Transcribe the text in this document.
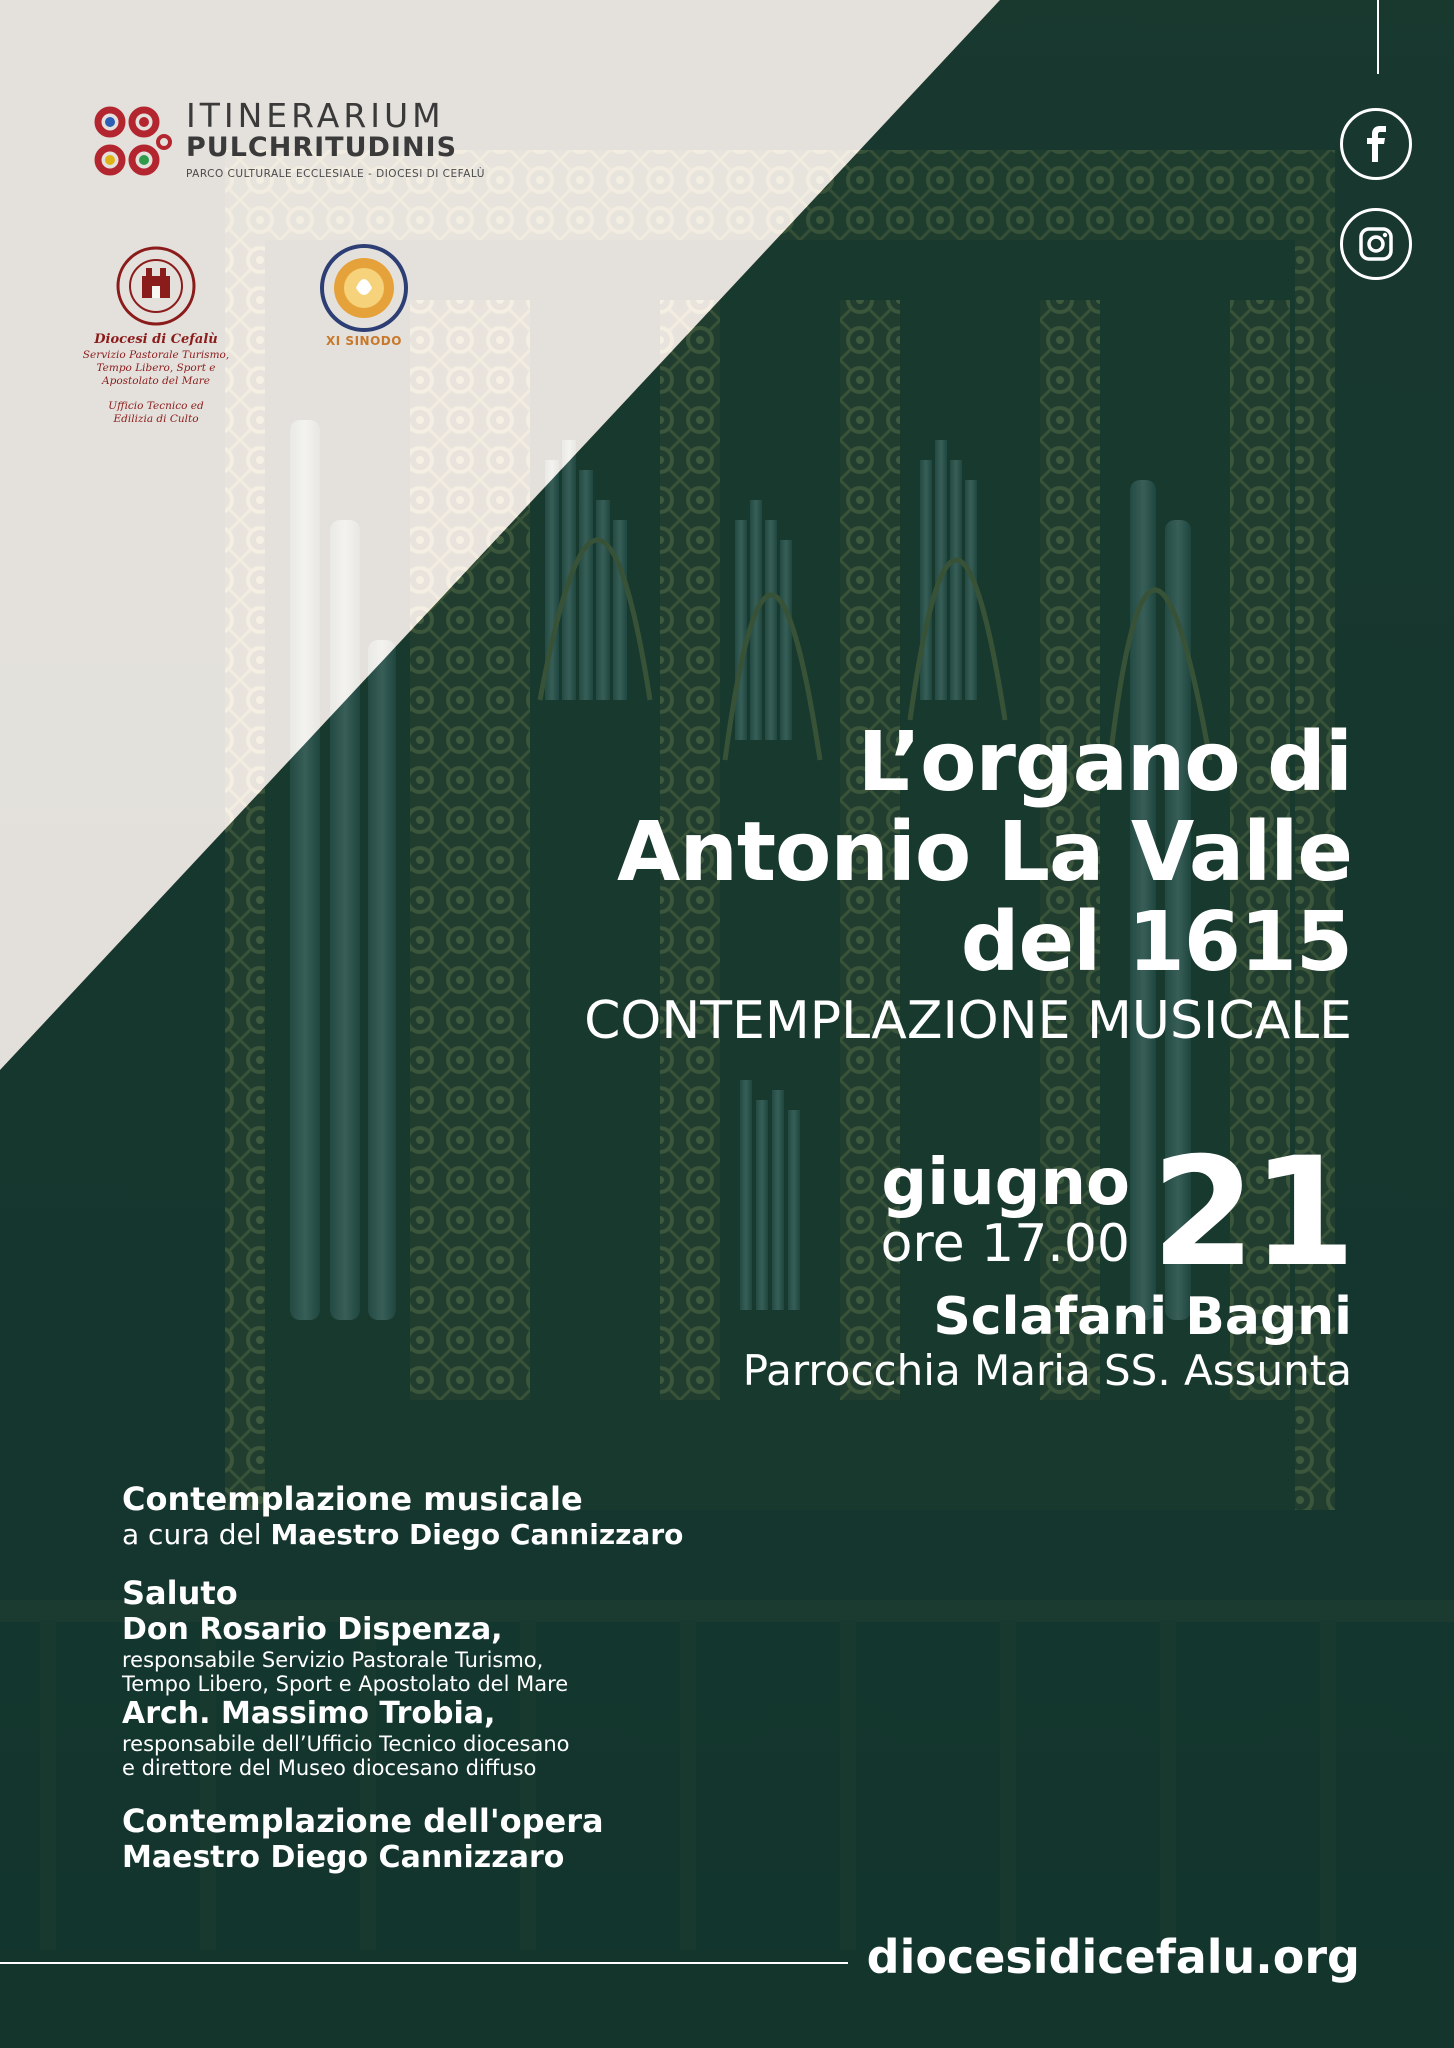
ITINERARIUM
PULCHRITUDINIS
PARCO CULTURALE ECCLESIALE - DIOCESI DI CEFALÙ
Diocesi di Cefalù
Servizio Pastorale Turismo,
Tempo Libero, Sport e
Apostolato del Mare
Ufficio Tecnico ed
Edilizia di Culto
XI SINODO
L’organo di
Antonio La Valle
del 1615
CONTEMPLAZIONE MUSICALE
giugno
ore 17.00 21
Sclafani Bagni
Parrocchia Maria SS. Assunta
Contemplazione musicale
a cura del Maestro Diego Cannizzaro
Saluto
Don Rosario Dispenza,
responsabile Servizio Pastorale Turismo,
Tempo Libero, Sport e Apostolato del Mare
Arch. Massimo Trobia,
responsabile dell’Ufficio Tecnico diocesano
e direttore del Museo diocesano diffuso
Contemplazione dell'opera
Maestro Diego Cannizzaro
diocesidicefalu.org
